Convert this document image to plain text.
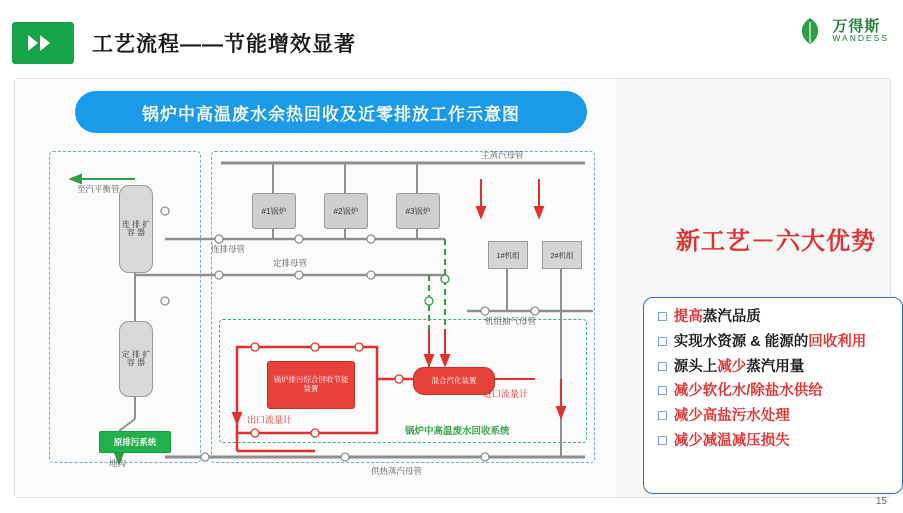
工艺流程——节能增效显著
万得斯
WANDESS
锅炉中高温废水余热回收及近零排放工作示意图
连 排 扩 容 器
定 排 扩 容 器
#1锅炉	#2锅炉	#3锅炉
1#机组	2#机组
锅炉排污综合回收节能装置
混合汽化装置
原排污系统
主蒸汽母管
至汽平衡管
连排母管
定排母管
机组抽气母管
进口流量计
出口流量计
锅炉中高温废水回收系统
地沟
供热蒸汽母管
新工艺－六大优势
☐ 提高蒸汽品质
☐ 实现水资源 & 能源的回收利用
☐ 源头上减少蒸汽用量
☐ 减少软化水/除盐水供给
☐ 减少高盐污水处理
☐ 减少减温减压损失
15
